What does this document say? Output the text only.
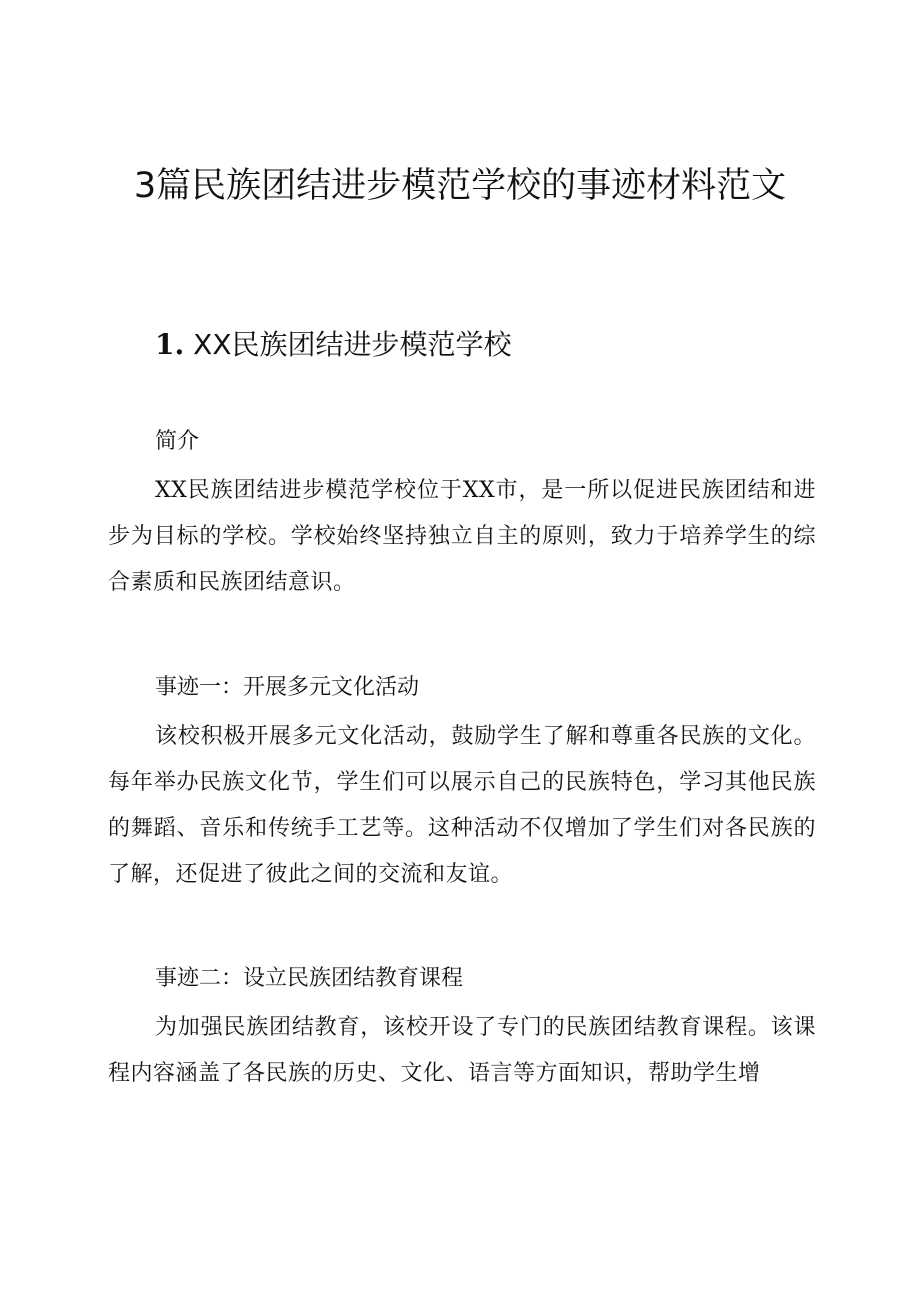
3篇民族团结进步模范学校的事迹材料范文
1. XX民族团结进步模范学校
简介

XX民族团结进步模范学校位于XX市，是一所以促进民族团结和进步为目标的学校。学校始终坚持独立自主的原则，致力于培养学生的综合素质和民族团结意识。

事迹一：开展多元文化活动

该校积极开展多元文化活动，鼓励学生了解和尊重各民族的文化。每年举办民族文化节，学生们可以展示自己的民族特色，学习其他民族的舞蹈、音乐和传统手工艺等。这种活动不仅增加了学生们对各民族的了解，还促进了彼此之间的交流和友谊。

事迹二：设立民族团结教育课程

为加强民族团结教育，该校开设了专门的民族团结教育课程。该课程内容涵盖了各民族的历史、文化、语言等方面知识，帮助学生增
